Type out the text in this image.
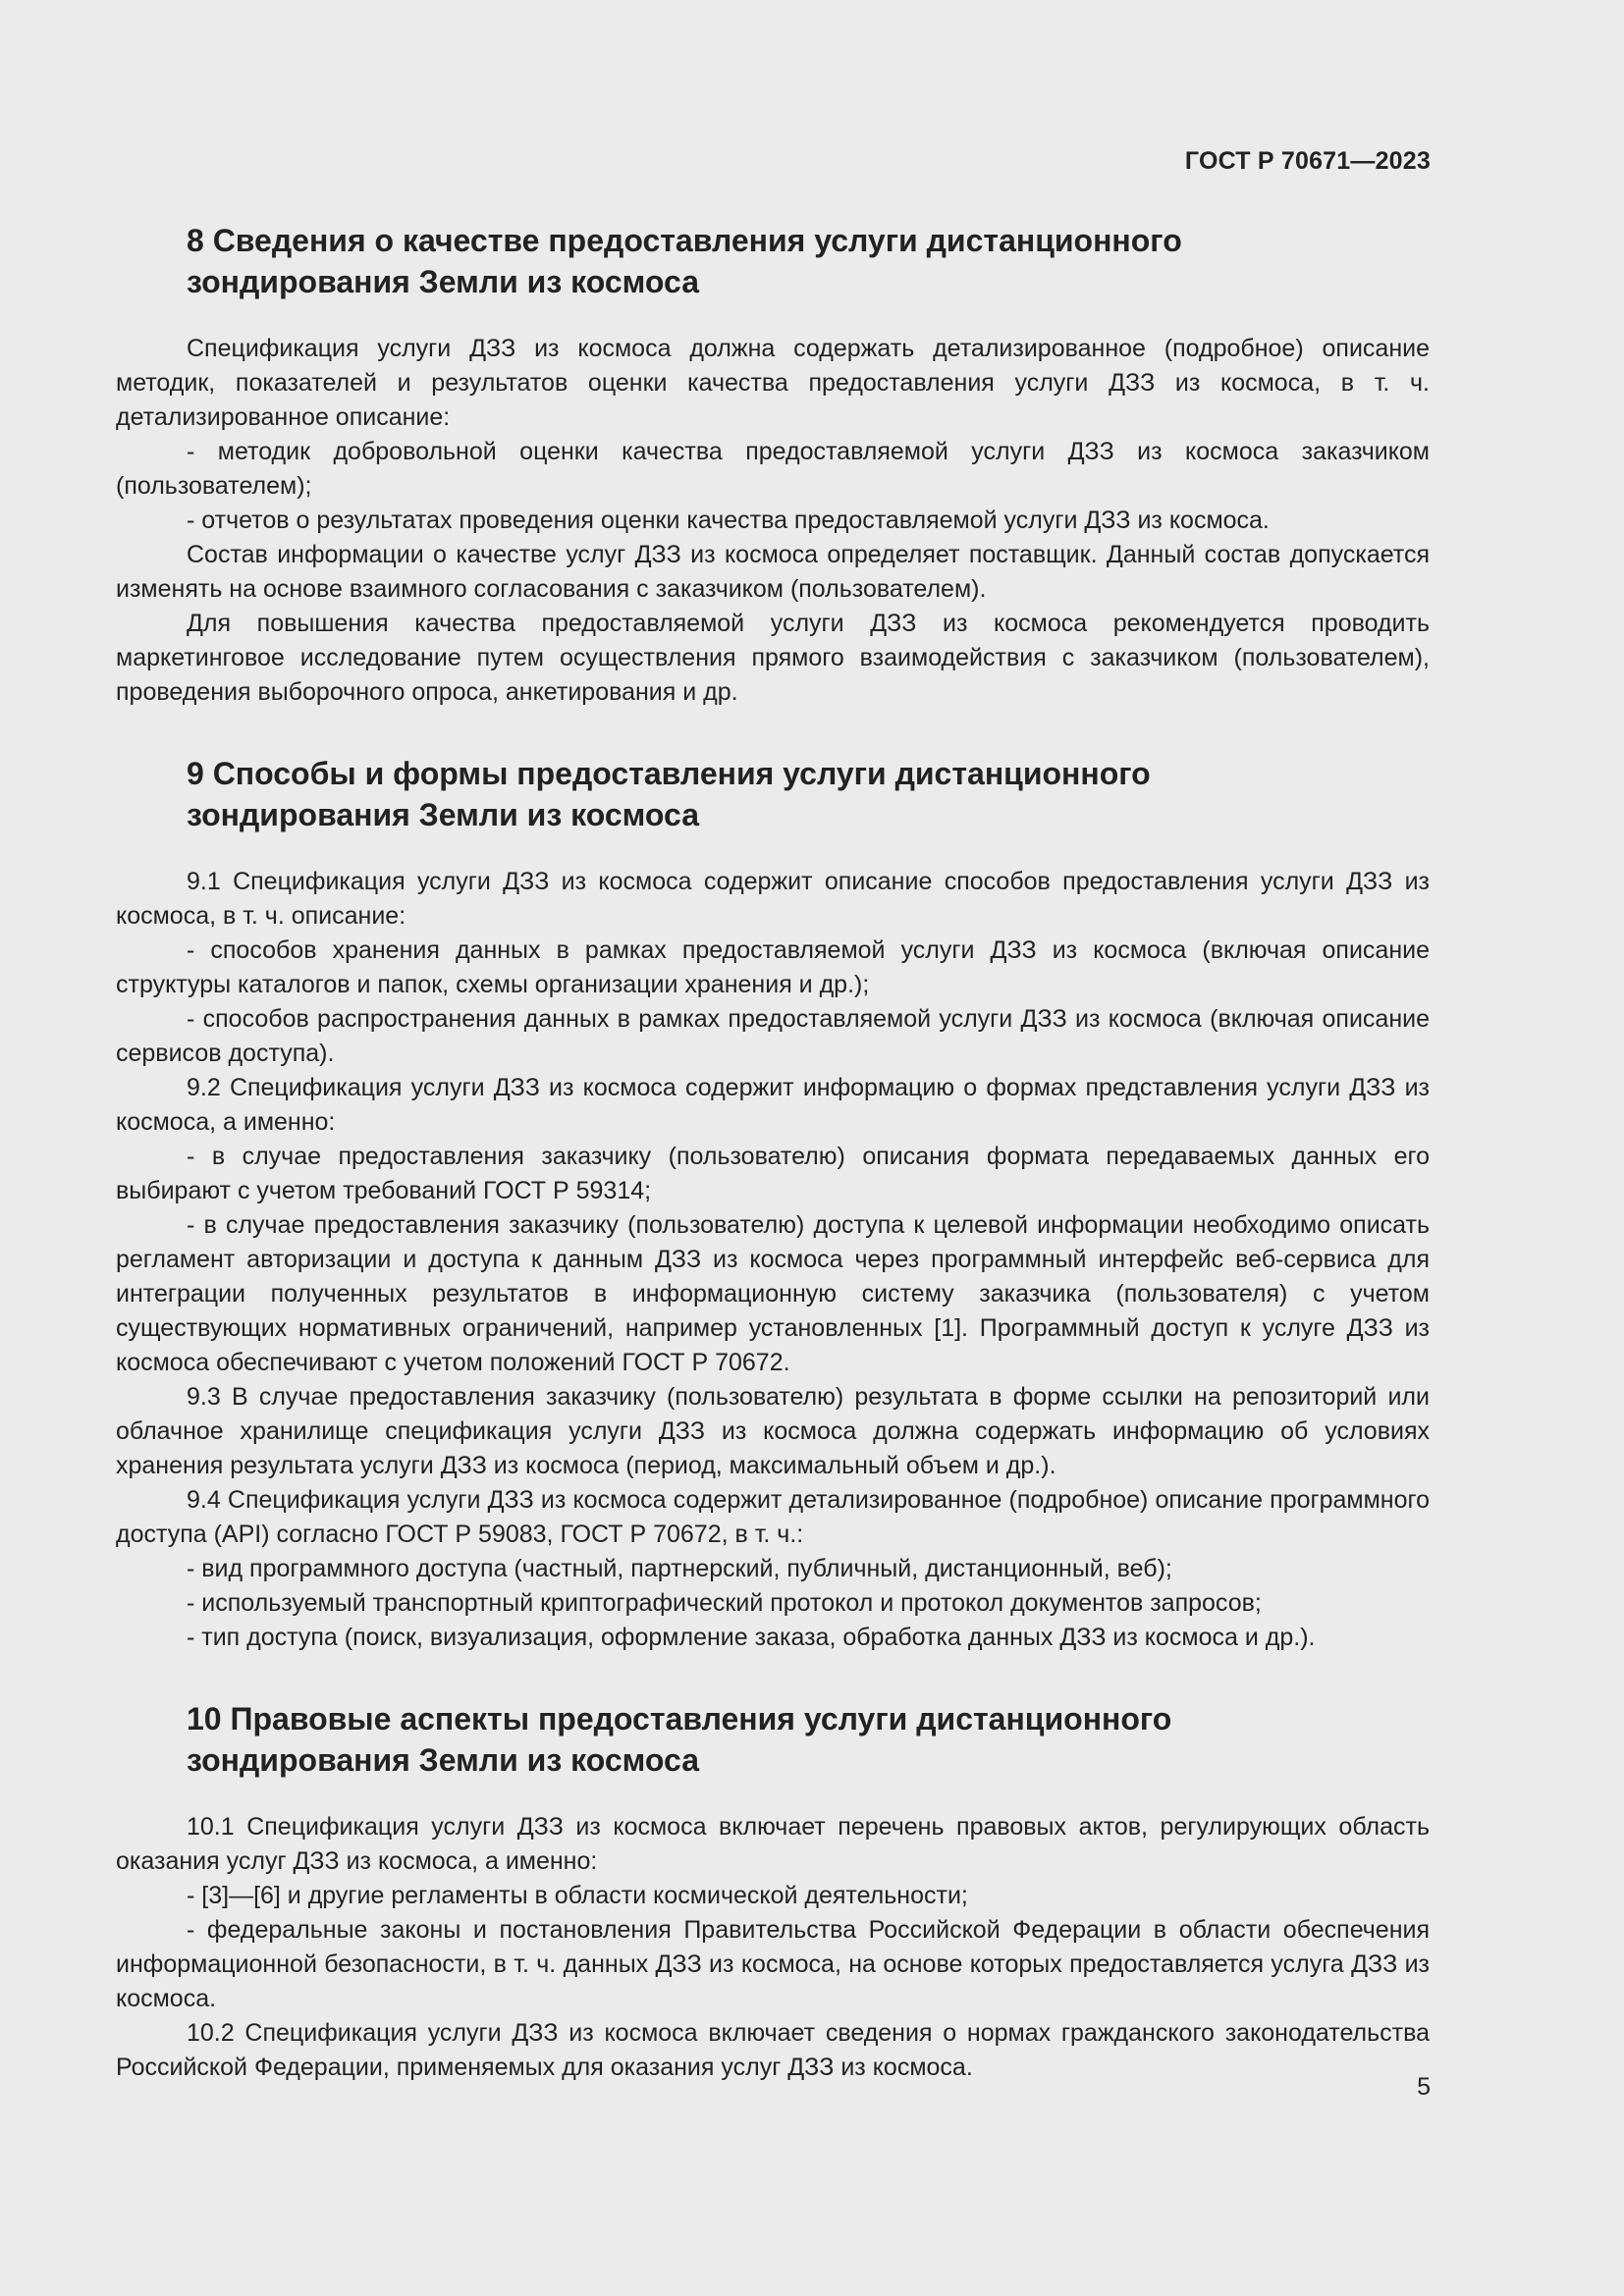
ГОСТ Р 70671—2023
8 Сведения о качестве предоставления услуги дистанционного зондирования Земли из космоса

Спецификация услуги ДЗЗ из космоса должна содержать детализированное (подробное) описание методик, показателей и результатов оценки качества предоставления услуги ДЗЗ из космоса, в т. ч. детализированное описание:

- методик добровольной оценки качества предоставляемой услуги ДЗЗ из космоса заказчиком (пользователем);

- отчетов о результатах проведения оценки качества предоставляемой услуги ДЗЗ из космоса.

Состав информации о качестве услуг ДЗЗ из космоса определяет поставщик. Данный состав допускается изменять на основе взаимного согласования с заказчиком (пользователем).

Для повышения качества предоставляемой услуги ДЗЗ из космоса рекомендуется проводить маркетинговое исследование путем осуществления прямого взаимодействия с заказчиком (пользователем), проведения выборочного опроса, анкетирования и др.

9 Способы и формы предоставления услуги дистанционного зондирования Земли из космоса

9.1 Спецификация услуги ДЗЗ из космоса содержит описание способов предоставления услуги ДЗЗ из космоса, в т. ч. описание:

- способов хранения данных в рамках предоставляемой услуги ДЗЗ из космоса (включая описание структуры каталогов и папок, схемы организации хранения и др.);

- способов распространения данных в рамках предоставляемой услуги ДЗЗ из космоса (включая описание сервисов доступа).

9.2 Спецификация услуги ДЗЗ из космоса содержит информацию о формах представления услуги ДЗЗ из космоса, а именно:

- в случае предоставления заказчику (пользователю) описания формата передаваемых данных его выбирают с учетом требований ГОСТ Р 59314;

- в случае предоставления заказчику (пользователю) доступа к целевой информации необходимо описать регламент авторизации и доступа к данным ДЗЗ из космоса через программный интерфейс веб-сервиса для интеграции полученных результатов в информационную систему заказчика (пользователя) с учетом существующих нормативных ограничений, например установленных [1]. Программный доступ к услуге ДЗЗ из космоса обеспечивают с учетом положений ГОСТ Р 70672.

9.3 В случае предоставления заказчику (пользователю) результата в форме ссылки на репозиторий или облачное хранилище спецификация услуги ДЗЗ из космоса должна содержать информацию об условиях хранения результата услуги ДЗЗ из космоса (период, максимальный объем и др.).

9.4 Спецификация услуги ДЗЗ из космоса содержит детализированное (подробное) описание программного доступа (API) согласно ГОСТ Р 59083, ГОСТ Р 70672, в т. ч.:

- вид программного доступа (частный, партнерский, публичный, дистанционный, веб);

- используемый транспортный криптографический протокол и протокол документов запросов;

- тип доступа (поиск, визуализация, оформление заказа, обработка данных ДЗЗ из космоса и др.).

10 Правовые аспекты предоставления услуги дистанционного зондирования Земли из космоса

10.1 Спецификация услуги ДЗЗ из космоса включает перечень правовых актов, регулирующих область оказания услуг ДЗЗ из космоса, а именно:

- [3]—[6] и другие регламенты в области космической деятельности;

- федеральные законы и постановления Правительства Российской Федерации в области обеспечения информационной безопасности, в т. ч. данных ДЗЗ из космоса, на основе которых предоставляется услуга ДЗЗ из космоса.

10.2 Спецификация услуги ДЗЗ из космоса включает сведения о нормах гражданского законодательства Российской Федерации, применяемых для оказания услуг ДЗЗ из космоса.

5
